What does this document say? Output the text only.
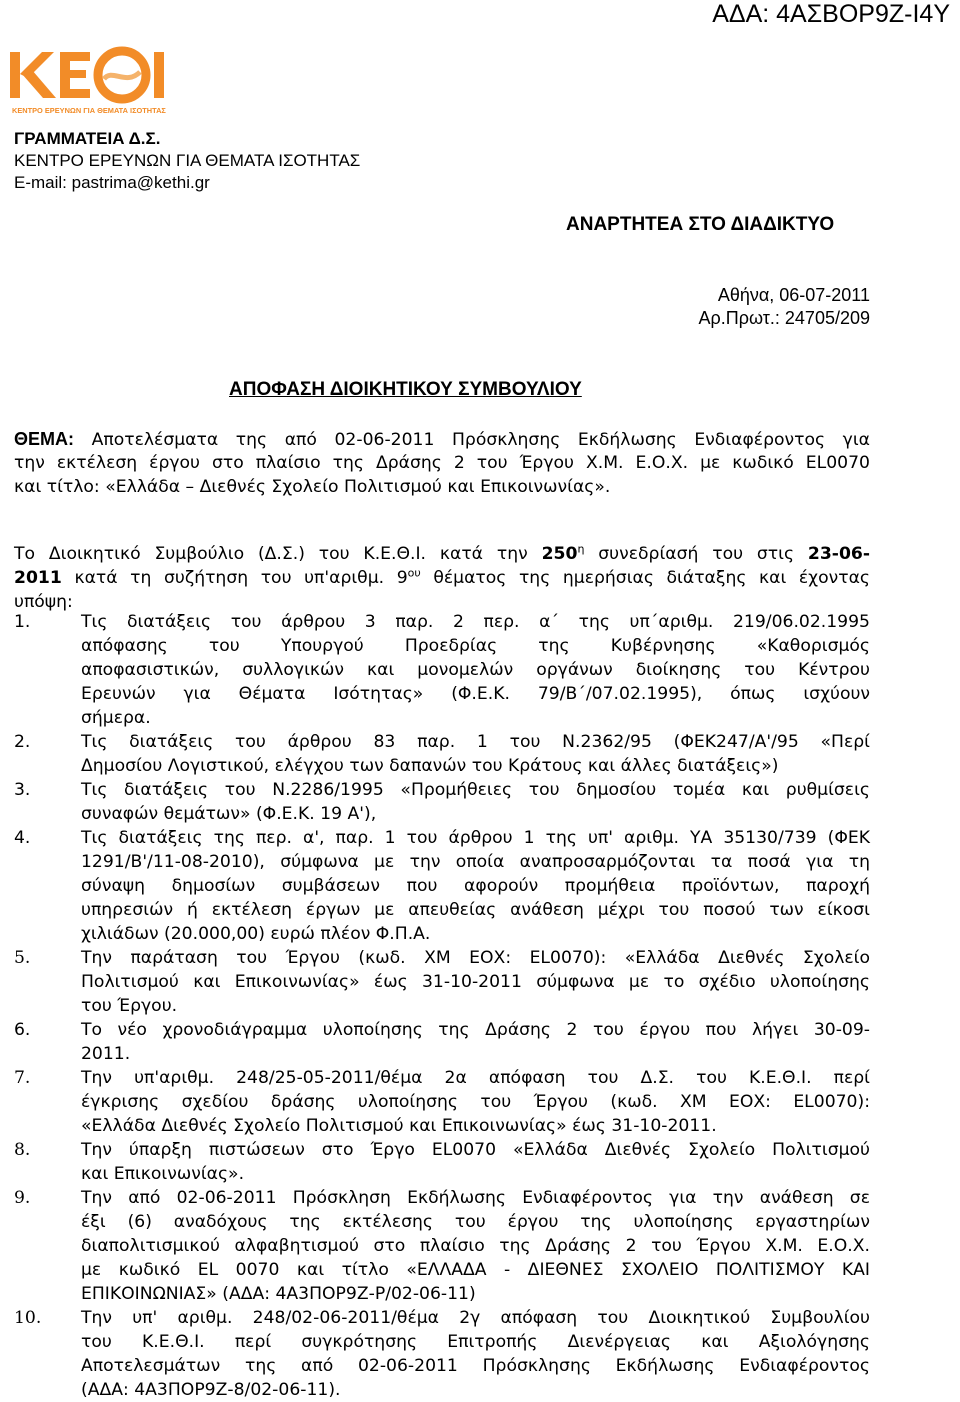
ΑΔΑ: 4ΑΣΒΟΡ9Ζ-Ι4Υ
ΚΕΝΤΡΟ ΕΡΕΥΝΩΝ ΓΙΑ ΘΕΜΑΤΑ ΙΣΟΤΗΤΑΣ
ΓΡΑΜΜΑΤΕΙΑ Δ.Σ.
ΚΕΝΤΡΟ ΕΡΕΥΝΩΝ ΓΙΑ ΘΕΜΑΤΑ ΙΣΟΤΗΤΑΣ
E-mail: pastrima@kethi.gr
ΑΝΑΡΤΗΤΕΑ ΣΤΟ ΔΙΑΔΙΚΤΥΟ
Αθήνα, 06-07-2011
Αρ.Πρωτ.: 24705/209
ΑΠΟΦΑΣΗ ΔΙΟΙΚΗΤΙΚΟΥ ΣΥΜΒΟΥΛΙΟΥ
ΘΕΜΑ: Αποτελέσματα της από 02-06-2011 Πρόσκλησης Εκδήλωσης Ενδιαφέροντος για
την εκτέλεση έργου στο πλαίσιο της Δράσης 2 του Έργου Χ.Μ. Ε.Ο.Χ. με κωδικό EL0070
και τίτλο: «Ελλάδα – Διεθνές Σχολείο Πολιτισμού και Επικοινωνίας».
Το Διοικητικό Συμβούλιο (Δ.Σ.) του Κ.Ε.Θ.Ι. κατά την $250^\eta$ συνεδρίασή του στις 23-06-
2011 κατά τη συζήτηση του υπ'αριθμ. $9^{o\upsilon}$ θέματος της ημερήσιας διάταξης και έχοντας
υπόψη:
1.	Τις διατάξεις του άρθρου 3 παρ. 2 περ. α΄ της υπ΄αριθμ. 219/06.02.1995
απόφασης του Υπουργού Προεδρίας της Κυβέρνησης «Καθορισμός
αποφασιστικών, συλλογικών και μονομελών οργάνων διοίκησης του Κέντρου
Ερευνών για Θέματα Ισότητας» (Φ.Ε.Κ. 79/Β΄/07.02.1995), όπως ισχύουν
σήμερα.
2.	Τις διατάξεις του άρθρου 83 παρ. 1 του Ν.2362/95 (ΦΕΚ247/Α'/95 «Περί
Δημοσίου Λογιστικού, ελέγχου των δαπανών του Κράτους και άλλες διατάξεις»)
3.	Τις διατάξεις του Ν.2286/1995 «Προμήθειες του δημοσίου τομέα και ρυθμίσεις
συναφών θεμάτων» (Φ.Ε.Κ. 19 Α'),
4.	Τις διατάξεις της περ. α', παρ. 1 του άρθρου 1 της υπ' αριθμ. ΥΑ 35130/739 (ΦΕΚ
1291/Β'/11-08-2010), σύμφωνα με την οποία αναπροσαρμόζονται τα ποσά για τη
σύναψη δημοσίων συμβάσεων που αφορούν προμήθεια προϊόντων, παροχή
υπηρεσιών ή εκτέλεση έργων με απευθείας ανάθεση μέχρι του ποσού των είκοσι
χιλιάδων (20.000,00) ευρώ πλέον Φ.Π.Α.
5.	Την παράταση του Έργου (κωδ. ΧΜ ΕΟΧ: EL0070): «Ελλάδα Διεθνές Σχολείο
Πολιτισμού και Επικοινωνίας» έως 31-10-2011 σύμφωνα με το σχέδιο υλοποίησης
του Έργου.
6.	Το νέο χρονοδιάγραμμα υλοποίησης της Δράσης 2 του έργου που λήγει 30-09-
2011.
7.	Την υπ'αριθμ. 248/25-05-2011/θέμα 2α απόφαση του Δ.Σ. του Κ.Ε.Θ.Ι. περί
έγκρισης σχεδίου δράσης υλοποίησης του Έργου (κωδ. ΧΜ ΕΟΧ: EL0070):
«Ελλάδα Διεθνές Σχολείο Πολιτισμού και Επικοινωνίας» έως 31-10-2011.
8.	Την ύπαρξη πιστώσεων στο Έργο EL0070 «Ελλάδα Διεθνές Σχολείο Πολιτισμού
και Επικοινωνίας».
9.	Την από 02-06-2011 Πρόσκληση Εκδήλωσης Ενδιαφέροντος για την ανάθεση σε
έξι (6) αναδόχους της εκτέλεσης του έργου της υλοποίησης εργαστηρίων
διαπολιτισμικού αλφαβητισμού στο πλαίσιο της Δράσης 2 του Έργου Χ.Μ. Ε.Ο.Χ.
με κωδικό EL 0070 και τίτλο «ΕΛΛΑΔΑ - ΔΙΕΘΝΕΣ ΣΧΟΛΕΙΟ ΠΟΛΙΤΙΣΜΟΥ ΚΑΙ
ΕΠΙΚΟΙΝΩΝΙΑΣ» (ΑΔΑ: 4Α3ΠΟΡ9Ζ-Ρ/02-06-11)
10.	Την υπ' αριθμ. 248/02-06-2011/θέμα 2γ απόφαση του Διοικητικού Συμβουλίου
του Κ.Ε.Θ.Ι. περί συγκρότησης Επιτροπής Διενέργειας και Αξιολόγησης
Αποτελεσμάτων της από 02-06-2011 Πρόσκλησης Εκδήλωσης Ενδιαφέροντος
(ΑΔΑ: 4Α3ΠΟΡ9Ζ-8/02-06-11).
